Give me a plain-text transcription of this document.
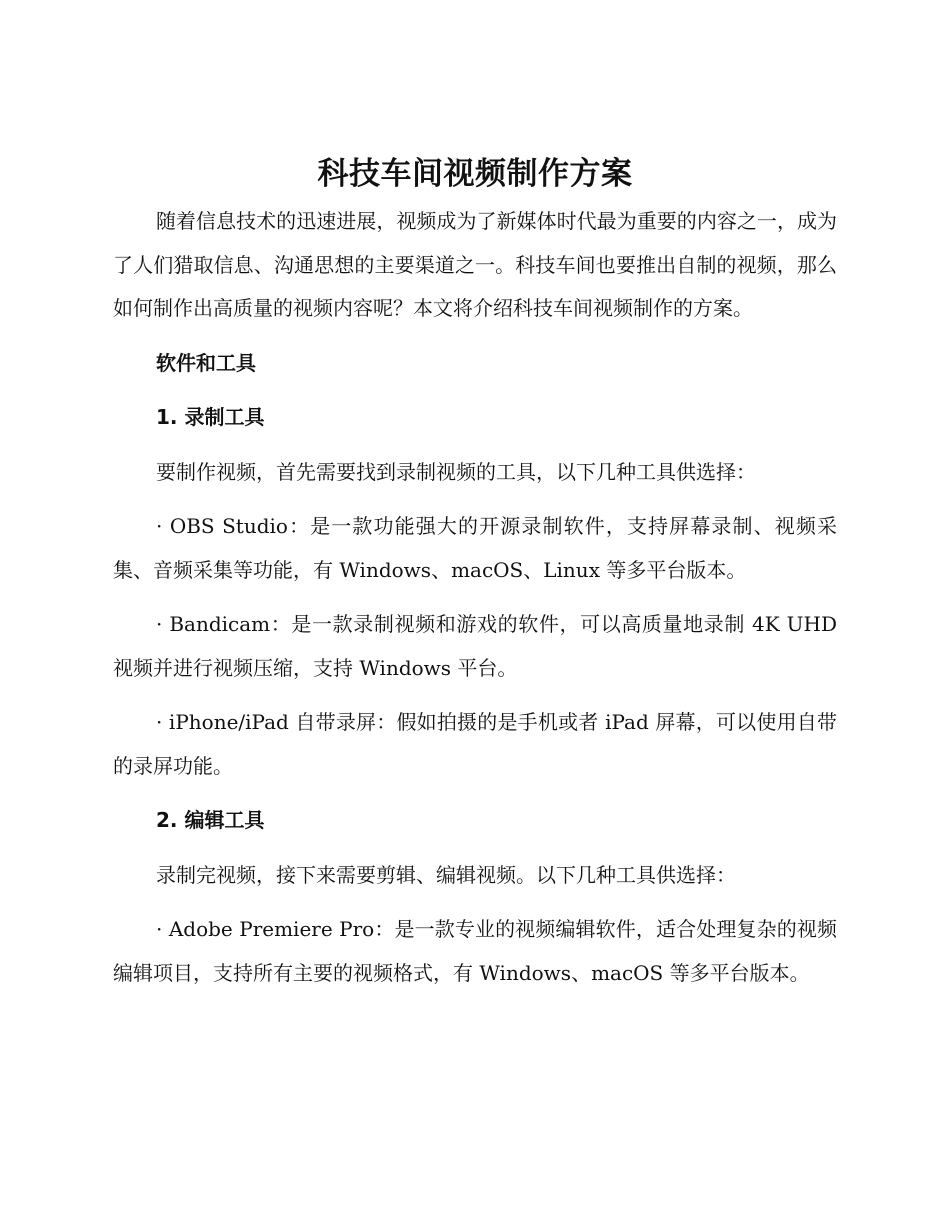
科技车间视频制作方案

随着信息技术的迅速进展，视频成为了新媒体时代最为重要的内容之一，成为了人们猎取信息、沟通思想的主要渠道之一。科技车间也要推出自制的视频，那么如何制作出高质量的视频内容呢？本文将介绍科技车间视频制作的方案。

软件和工具

1. 录制工具

要制作视频，首先需要找到录制视频的工具，以下几种工具供选择：

· OBS Studio：是一款功能强大的开源录制软件，支持屏幕录制、视频采集、音频采集等功能，有 Windows、macOS、Linux 等多平台版本。

· Bandicam：是一款录制视频和游戏的软件，可以高质量地录制 4K UHD 视频并进行视频压缩，支持 Windows 平台。

· iPhone/iPad 自带录屏：假如拍摄的是手机或者 iPad 屏幕，可以使用自带的录屏功能。

2. 编辑工具

录制完视频，接下来需要剪辑、编辑视频。以下几种工具供选择：

· Adobe Premiere Pro：是一款专业的视频编辑软件，适合处理复杂的视频编辑项目，支持所有主要的视频格式，有 Windows、macOS 等多平台版本。
